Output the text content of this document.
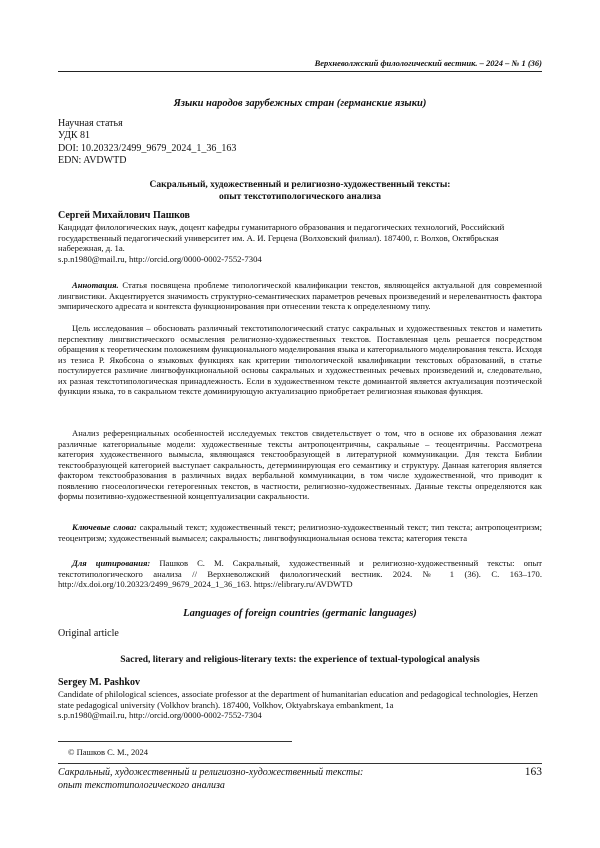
Верхневолжский филологический вестник. – 2024 – № 1 (36)
Языки народов зарубежных стран (германские языки)
Научная статья
УДК 81
DOI: 10.20323/2499_9679_2024_1_36_163
EDN: AVDWTD
Сакральный, художественный и религиозно-художественный тексты:
опыт текстотипологического анализа
Сергей Михайлович Пашков
Кандидат филологических наук, доцент кафедры гуманитарного образования и педагогических технологий, Российский государственный педагогический университет им. А. И. Герцена (Волховский филиал). 187400, г. Волхов, Октябрьская набережная, д. 1а.
s.p.n1980@mail.ru, http://orcid.org/0000-0002-7552-7304
Аннотация. Статья посвящена проблеме типологической квалификации текстов, являющейся актуальной для современной лингвистики. Акцентируется значимость структурно-семантических параметров речевых произведений и нерелевантность фактора эмпирического адресата и контекста функционирования при отнесении текста к определенному типу.
Цель исследования – обосновать различный текстотипологический статус сакральных и художественных текстов и наметить перспективу лингвистического осмысления религиозно-художественных текстов. Поставленная цель решается посредством обращения к теоретическим положениям функционального моделирования языка и категориального моделирования текста. Исходя из тезиса Р. Якобсона о языковых функциях как критерии типологической квалификации текстовых образований, в статье постулируется различие лингвофункциональной основы сакральных и художественных речевых произведений и, следовательно, их разная текстотипологическая принадлежность. Если в художественном тексте доминантой является актуализация поэтической функции языка, то в сакральном тексте доминирующую актуализацию приобретает религиозная языковая функция.
Анализ референциальных особенностей исследуемых текстов свидетельствует о том, что в основе их образования лежат различные категориальные модели: художественные тексты антропоцентричны, сакральные – теоцентричны. Рассмотрена категория художественного вымысла, являющаяся текстообразующей в литературной коммуникации. Для текста Библии текстообразующей категорией выступает сакральность, детерминирующая его семантику и структуру. Данная категория является фактором текстообразования в различных видах вербальной коммуникации, в том числе художественной, что приводит к появлению гносеологически гетерогенных текстов, в частности, религиозно-художественных. Данные тексты определяются как формы позитивно-художественной концептуализации сакральности.
Ключевые слова: сакральный текст; художественный текст; религиозно-художественный текст; тип текста; антропоцентризм; теоцентризм; художественный вымысел; сакральность; лингвофункциональная основа текста; категория текста
Для цитирования: Пашков С. М. Сакральный, художественный и религиозно-художественный тексты: опыт текстотипологического анализа // Верхневолжский филологический вестник. 2024. № 1 (36). С. 163–170. http://dx.doi.org/10.20323/2499_9679_2024_1_36_163. https://elibrary.ru/AVDWTD
Languages of foreign countries (germanic languages)
Original article
Sacred, literary and religious-literary texts: the experience of textual-typological analysis
Sergey M. Pashkov
Candidate of philological sciences, associate professor at the department of humanitarian education and pedagogical technologies, Herzen state pedagogical university (Volkhov branch). 187400, Volkhov, Oktyabrskaya embankment, 1a
s.p.n1980@mail.ru, http://orcid.org/0000-0002-7552-7304
© Пашков С. М., 2024
Сакральный, художественный и религиозно-художественный тексты:
опыт текстотипологического анализа
163
